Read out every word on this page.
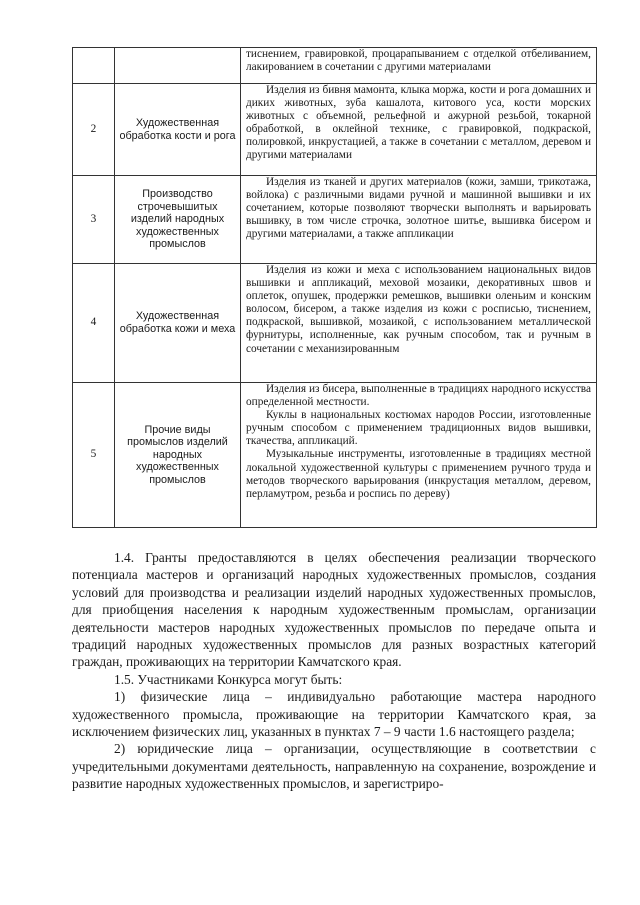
		тиснением, гравировкой, процарапыванием с отделкой отбеливанием, лакированием в сочетании с другими материалами

2	Художественная обработка кости и рога	Изделия из бивня мамонта, клыка моржа, кости и рога домашних и диких животных, зуба кашалота, китового уса, кости морских животных с объемной, рельефной и ажурной резьбой, токарной обработкой, в оклейной технике, с гравировкой, подкраской, полировкой, инкрустацией, а также в сочетании с металлом, деревом и другими материалами

3	Производство строчевышитых изделий народных художественных промыслов	Изделия из тканей и других материалов (кожи, замши, трикотажа, войлока) с различными видами ручной и машинной вышивки и их сочетанием, которые позволяют творчески выполнять и варьировать вышивку, в том числе строчка, золотное шитье, вышивка бисером и другими материалами, а также аппликации

4	Художественная обработка кожи и меха	Изделия из кожи и меха с использованием национальных видов вышивки и аппликаций, меховой мозаики, декоративных швов и оплеток, опушек, продержки ремешков, вышивки оленьим и конским волосом, бисером, а также изделия из кожи с росписью, тиснением, подкраской, вышивкой, мозаикой, с использованием металлической фурнитуры, исполненные, как ручным способом, так и ручным в сочетании с механизированным

5	Прочие виды промыслов изделий народных художественных промыслов	Изделия из бисера, выполненные в традициях народного искусства определенной местности.

Куклы в национальных костюмах народов России, изготовленные ручным способом с применением традиционных видов вышивки, ткачества, аппликаций.

Музыкальные инструменты, изготовленные в традициях местной локальной художественной культуры с применением ручного труда и методов творческого варьирования (инкрустация металлом, деревом, перламутром, резьба и роспись по дереву)

1.4. Гранты предоставляются в целях обеспечения реализации творческого потенциала мастеров и организаций народных художественных промыслов, создания условий для производства и реализации изделий народных художественных промыслов, для приобщения населения к народным художественным промыслам, организации деятельности мастеров народных художественных промыслов по передаче опыта и традиций народных художественных промыслов для разных возрастных категорий граждан, проживающих на территории Камчатского края.

1.5. Участниками Конкурса могут быть:

1) физические лица – индивидуально работающие мастера народного художественного промысла, проживающие на территории Камчатского края, за исключением физических лиц, указанных в пунктах 7 – 9 части 1.6 настоящего раздела;

2) юридические лица – организации, осуществляющие в соответствии с учредительными документами деятельность, направленную на сохранение, возрождение и развитие народных художественных промыслов, и зарегистриро-
